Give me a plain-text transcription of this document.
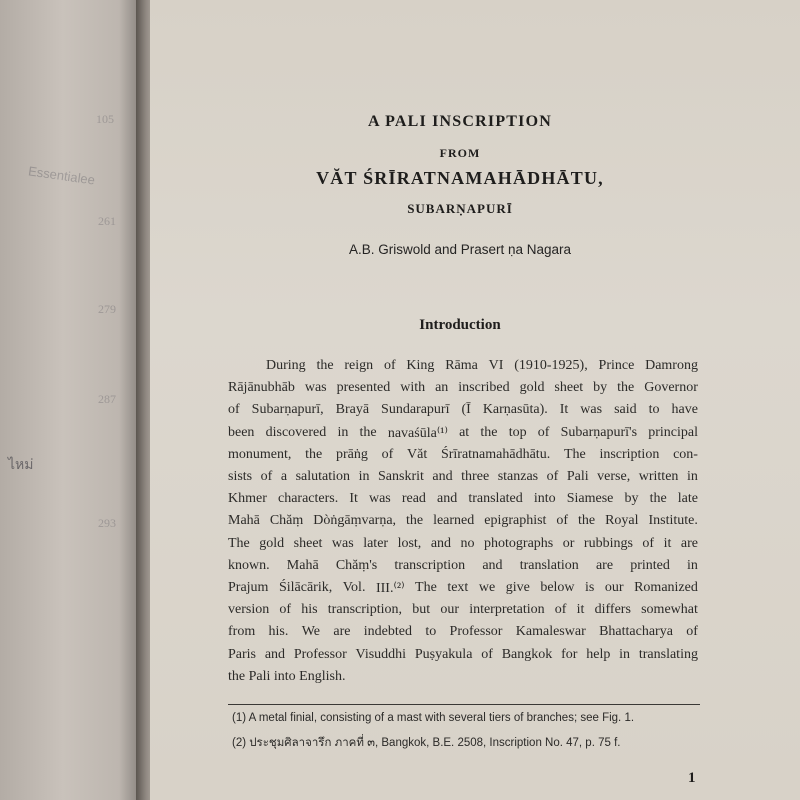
105
Essentialee
261
279
287
ไหม่
293
A PALI INSCRIPTION
FROM
VĂT ŚRĪRATNAMAHĀDHĀTU,
SUBARṆAPURĪ
A.B. Griswold and Prasert ṇa Nagara
Introduction
During the reign of King Rāma VI (1910-1925), Prince Damrong
Rājānubhāb was presented with an inscribed gold sheet by the Governor
of Subarṇapurī, Brayā Sundarapurī (Ī Karṇasūta). It was said to have
been discovered in the navaśūla⁽¹⁾ at the top of Subarṇapurī's principal
monument, the prāṅg of Văt Śrīratnamahādhātu. The inscription con-
sists of a salutation in Sanskrit and three stanzas of Pali verse, written in
Khmer characters. It was read and translated into Siamese by the late
Mahā Chăṃ Dòṅgāṃvarṇa, the learned epigraphist of the Royal Institute.
The gold sheet was later lost, and no photographs or rubbings of it are
known. Mahā Chăṃ's transcription and translation are printed in
Prajum Śilācārik, Vol. III.⁽²⁾ The text we give below is our Romanized
version of his transcription, but our interpretation of it differs somewhat
from his. We are indebted to Professor Kamaleswar Bhattacharya of
Paris and Professor Visuddhi Puṣyakula of Bangkok for help in translating
the Pali into English.
(1) A metal finial, consisting of a mast with several tiers of branches; see Fig. 1.
(2) ประชุมศิลาจารึก ภาคที่ ๓, Bangkok, B.E. 2508, Inscription No. 47, p. 75 f.
1
